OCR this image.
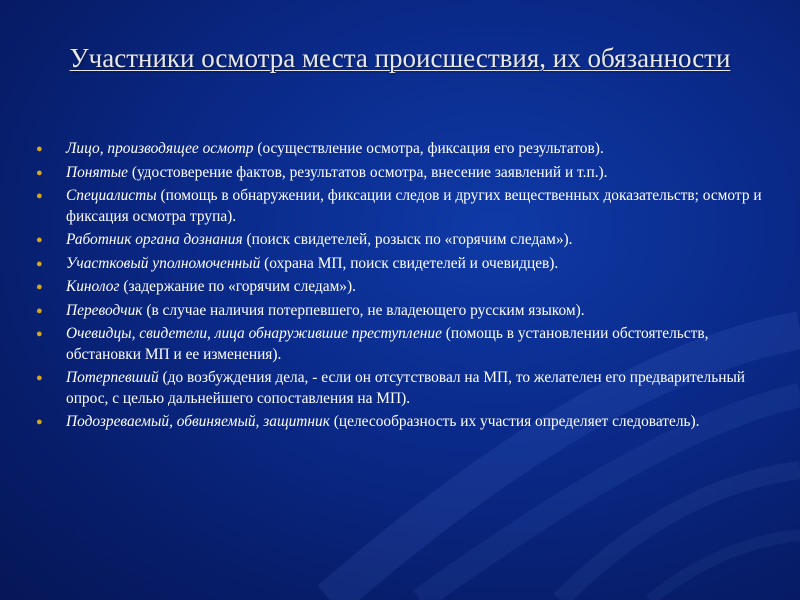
Участники осмотра места происшествия, их обязанности
● Лицо, производящее осмотр (осуществление осмотра, фиксация его результатов).
● Понятые (удостоверение фактов, результатов осмотра, внесение заявлений и т.п.).
● Специалисты (помощь в обнаружении, фиксации следов и других вещественных доказательств; осмотр и фиксация осмотра трупа).
● Работник органа дознания (поиск свидетелей, розыск по «горячим следам»).
● Участковый уполномоченный (охрана МП, поиск свидетелей и очевидцев).
● Кинолог (задержание по «горячим следам»).
● Переводчик (в случае наличия потерпевшего, не владеющего русским языком).
● Очевидцы, свидетели, лица обнаружившие преступление (помощь в установлении обстоятельств, обстановки МП и ее изменения).
● Потерпевший (до возбуждения дела, - если он отсутствовал на МП, то желателен его предварительный опрос, с целью дальнейшего сопоставления на МП).
● Подозреваемый, обвиняемый, защитник (целесообразность их участия определяет следователь).
